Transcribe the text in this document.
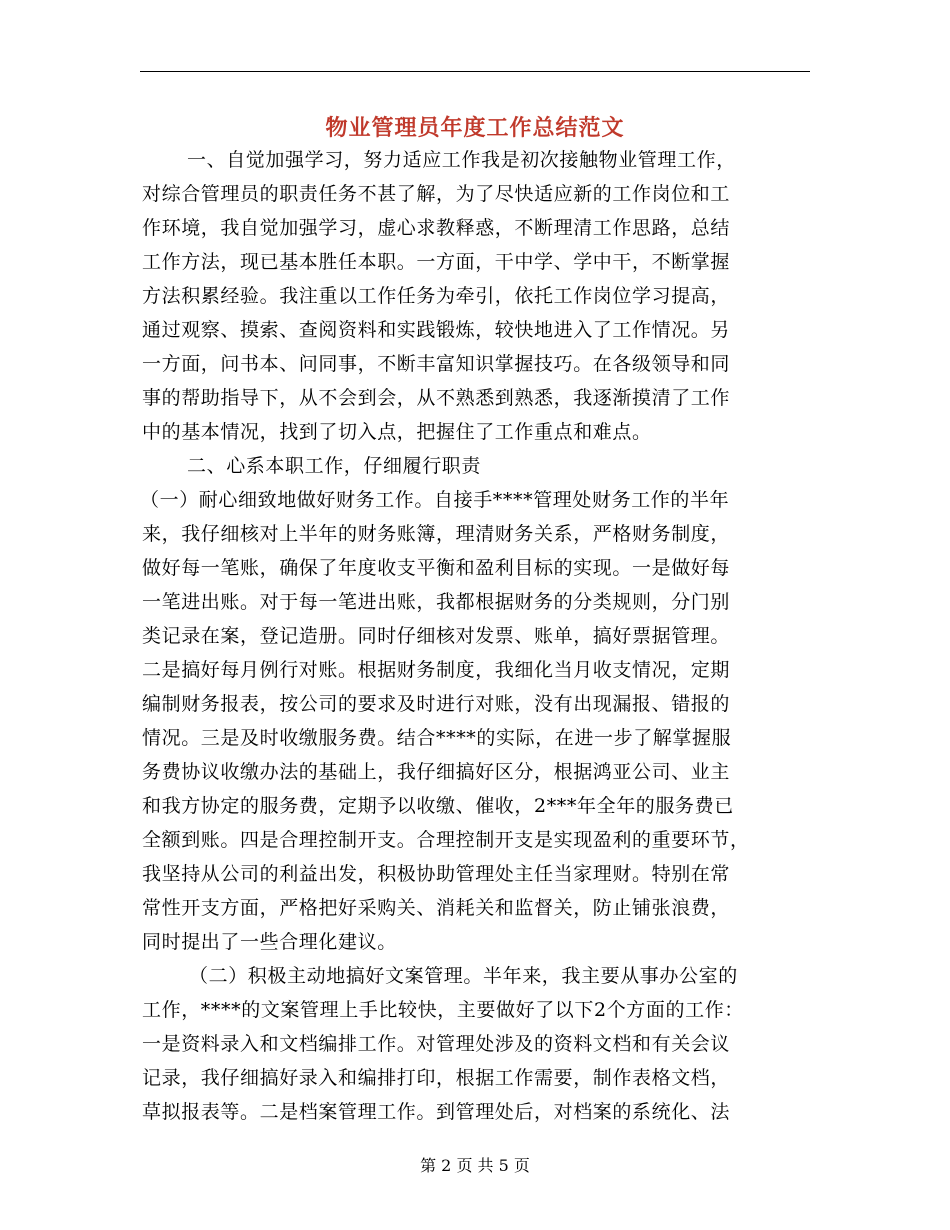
物业管理员年度工作总结范文
一、自觉加强学习，努力适应工作我是初次接触物业管理工作，
对综合管理员的职责任务不甚了解，为了尽快适应新的工作岗位和工
作环境，我自觉加强学习，虚心求教释惑，不断理清工作思路，总结
工作方法，现已基本胜任本职。一方面，干中学、学中干，不断掌握
方法积累经验。我注重以工作任务为牵引，依托工作岗位学习提高，
通过观察、摸索、查阅资料和实践锻炼，较快地进入了工作情况。另
一方面，问书本、问同事，不断丰富知识掌握技巧。在各级领导和同
事的帮助指导下，从不会到会，从不熟悉到熟悉，我逐渐摸清了工作
中的基本情况，找到了切入点，把握住了工作重点和难点。
二、心系本职工作，仔细履行职责
（一）耐心细致地做好财务工作。自接手****管理处财务工作的半年
来，我仔细核对上半年的财务账簿，理清财务关系，严格财务制度，
做好每一笔账，确保了年度收支平衡和盈利目标的实现。一是做好每
一笔进出账。对于每一笔进出账，我都根据财务的分类规则，分门别
类记录在案，登记造册。同时仔细核对发票、账单，搞好票据管理。
二是搞好每月例行对账。根据财务制度，我细化当月收支情况，定期
编制财务报表，按公司的要求及时进行对账，没有出现漏报、错报的
情况。三是及时收缴服务费。结合****的实际，在进一步了解掌握服
务费协议收缴办法的基础上，我仔细搞好区分，根据鸿亚公司、业主
和我方协定的服务费，定期予以收缴、催收，2***年全年的服务费已
全额到账。四是合理控制开支。合理控制开支是实现盈利的重要环节，
我坚持从公司的利益出发，积极协助管理处主任当家理财。特别在常
常性开支方面，严格把好采购关、消耗关和监督关，防止铺张浪费，
同时提出了一些合理化建议。
（二）积极主动地搞好文案管理。半年来，我主要从事办公室的
工作，****的文案管理上手比较快，主要做好了以下2个方面的工作：
一是资料录入和文档编排工作。对管理处涉及的资料文档和有关会议
记录，我仔细搞好录入和编排打印，根据工作需要，制作表格文档，
草拟报表等。二是档案管理工作。到管理处后，对档案的系统化、法
第 2 页 共 5 页
